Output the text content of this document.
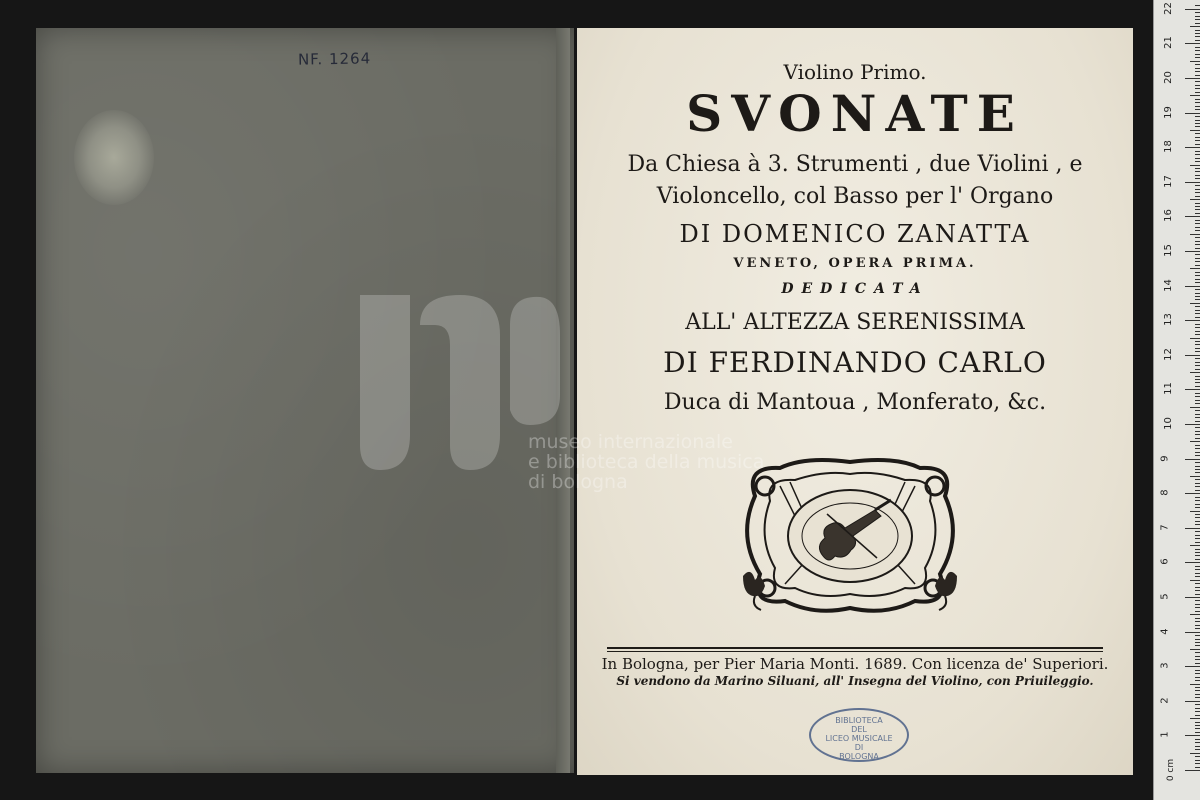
NF. 1264
Violino Primo.
SVONATE
Da Chiesa à 3. Strumenti , due Violini , e
Violoncello, col Basso per l' Organo
DI DOMENICO ZANATTA
VENETO, OPERA PRIMA.
DEDICATA
ALL' ALTEZZA SERENISSIMA
DI FERDINANDO CARLO
Duca di Mantoua , Monferato, &c.
In Bologna, per Pier Maria Monti. 1689. Con licenza de' Superiori.
Si vendono da Marino Siluani, all' Insegna del Violino, con Priuileggio.
BIBLIOTECA
DEL
LICEO MUSICALE
DI
BOLOGNA
museo internazionale
e biblioteca della musica
di bologna
0 cm
1
2
3
4
5
6
7
8
9
10
11
12
13
14
15
16
17
18
19
20
21
22
